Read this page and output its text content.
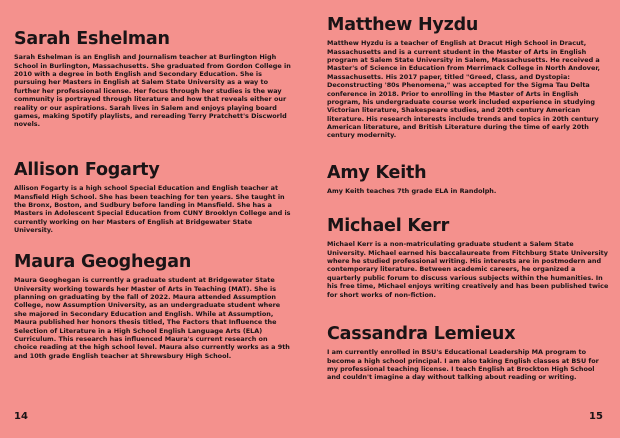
Sarah Eshelman

Sarah Eshelman is an English and Journalism teacher at Burlington High School in Burlington, Massachusetts. She graduated from Gordon College in 2010 with a degree in both English and Secondary Education. She is pursuing her Masters in English at Salem State University as a way to further her professional license. Her focus through her studies is the way community is portrayed through literature and how that reveals either our reality or our aspirations. Sarah lives in Salem and enjoys playing board games, making Spotify playlists, and rereading Terry Pratchett's Discworld novels.

Allison Fogarty

Allison Fogarty is a high school Special Education and English teacher at Mansfield High School. She has been teaching for ten years. She taught in the Bronx, Boston, and Sudbury before landing in Mansfield. She has a Masters in Adolescent Special Education from CUNY Brooklyn College and is currently working on her Masters of English at Bridgewater State University.

Maura Geoghegan

Maura Geoghegan is currently a graduate student at Bridgewater State University working towards her Master of Arts in Teaching (MAT). She is planning on graduating by the fall of 2022. Maura attended Assumption College, now Assumption University, as an undergraduate student where she majored in Secondary Education and English. While at Assumption, Maura published her honors thesis titled, The Factors that Influence the Selection of Literature in a High School English Language Arts (ELA) Curriculum. This research has influenced Maura's current research on choice reading at the high school level. Maura also currently works as a 9th and 10th grade English teacher at Shrewsbury High School.

14
Matthew Hyzdu

Matthew Hyzdu is a teacher of English at Dracut High School in Dracut, Massachusetts and is a current student in the Master of Arts in English program at Salem State University in Salem, Massachusetts. He received a Master's of Science in Education from Merrimack College in North Andover, Massachusetts. His 2017 paper, titled "Greed, Class, and Dystopia: Deconstructing '80s Phenomena," was accepted for the Sigma Tau Delta conference in 2018. Prior to enrolling in the Master of Arts in English program, his undergraduate course work included experience in studying Victorian literature, Shakespeare studies, and 20th century American literature. His research interests include trends and topics in 20th century American literature, and British Literature during the time of early 20th century modernity.

Amy Keith

Amy Keith teaches 7th grade ELA in Randolph.

Michael Kerr

Michael Kerr is a non-matriculating graduate student a Salem State University. Michael earned his baccalaureate from Fitchburg State University where he studied professional writing. His interests are in postmodern and contemporary literature. Between academic careers, he organized a quarterly public forum to discuss various subjects within the humanities. In his free time, Michael enjoys writing creatively and has been published twice for short works of non-fiction.

Cassandra Lemieux

I am currently enrolled in BSU's Educational Leadership MA program to become a high school principal. I am also taking English classes at BSU for my professional teaching license. I teach English at Brockton High School and couldn't imagine a day without talking about reading or writing.

15
